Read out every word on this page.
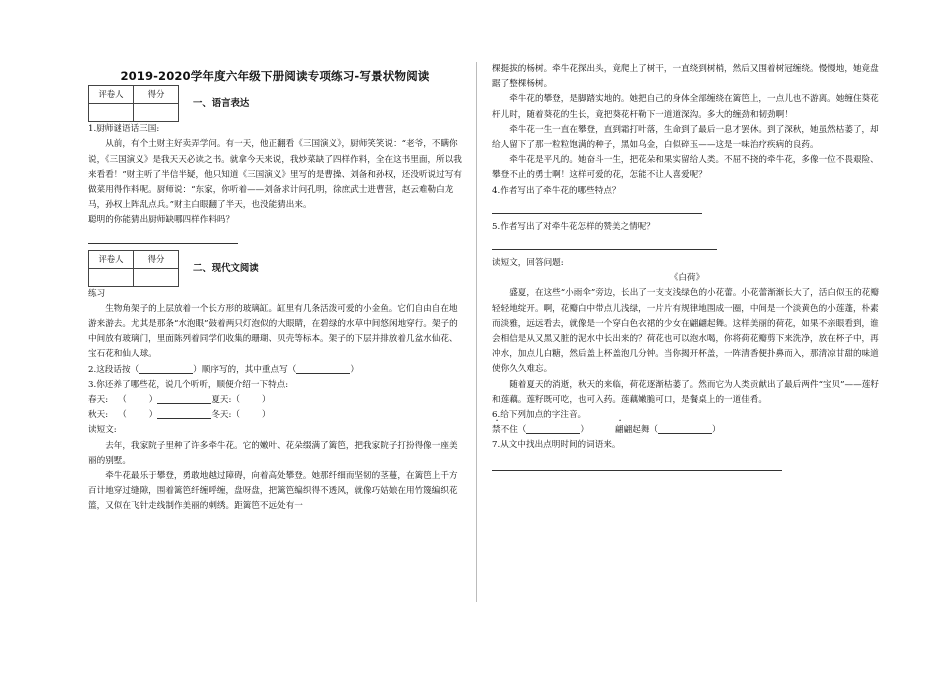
2019-2020学年度六年级下册阅读专项练习-写景状物阅读
评卷人	得分

一、语言表达

1.厨师谜语话三国:

从前，有个土财主好卖弄学问。有一天，他正翻看《三国演义》，厨师笑笑说：“老爷，不瞒你说，《三国演义》是我天天必读之书。就拿今天来说，我炒菜缺了四样作料，全在这书里面，所以我来看看！”财主听了半信半疑，他只知道《三国演义》里写的是曹操、刘备和孙权，还没听说过写有做菜用得作料呢。厨师说：“东家，你听着——刘备求计问孔明，徐庶武士进曹营，赵云难勒白龙马，孙权上阵乱点兵。”财主白眼翻了半天，也没能猜出来。

聪明的你能猜出厨师缺哪四样作料吗？

评卷人	得分

二、现代文阅读

练习

生物角架子的上层放着一个长方形的玻璃缸。缸里有几条活泼可爱的小金鱼。它们自由自在地游来游去。尤其是那条“水泡眼”鼓着两只灯泡似的大眼睛，在碧绿的水草中间悠闲地穿行。架子的中间放有玻璃门，里面陈列着同学们收集的珊瑚、贝壳等标本。架子的下层并排放着几盆水仙花、宝石花和仙人球。

2.这段话按（	）顺序写的，其中重点写（	）

3.你还养了哪些花，说几个听听，顺便介绍一下特点:

春天: （	）	夏天: （	）

秋天: （	）	冬天: （	）

读短文:

去年，我家院子里种了许多牵牛花。它的嫩叶、花朵缀满了篱笆，把我家院子打扮得像一座美丽的别墅。

牵牛花最乐于攀登，勇敢地越过障碍，向着高处攀登。她那纤细而坚韧的茎蔓，在篱笆上千方百计地穿过缝隙，围着篱笆纤缠呼缠，盘呀盘，把篱笆编织得不透风，就像巧姑娘在用竹篾编织花篮，又似在飞针走线制作美丽的刺绣。距篱笆不远处有一

棵挺拔的杨树。牵牛花探出头，竟爬上了树干，一直绕到树梢，然后又围着树冠缠绕。慢慢地，她竟盘踞了整棵杨树。

牵牛花的攀登，是脚踏实地的。她把自己的身体全部缠绕在篱笆上，一点儿也不游离。她缠住葵花杆儿时，随着葵花的生长，竟把葵花杆勒下一道道深沟。多大的缠劲和韧劲啊！

牵牛花一生一直在攀登，直到霜打叶落，生命到了最后一息才罢休。到了深秋，她虽然枯萎了，却给人留下了那一粒粒饱满的种子，黑如乌金，白似碎玉——这是一味治疗疾病的良药。

牵牛花是平凡的。她奋斗一生，把花朵和果实留给人类。不屈不挠的牵牛花，多像一位不畏艰险、攀登不止的勇士啊！这样可爱的花，怎能不让人喜爱呢？

4.作者写出了牵牛花的哪些特点？

5.作者写出了对牵牛花怎样的赞美之情呢？

读短文，回答问题:

《白荷》

盛夏，在这些“小雨伞”旁边，长出了一支支浅绿色的小花蕾。小花蕾渐渐长大了，活白似玉的花瓣轻轻地绽开。啊，花瓣白中带点儿浅绿，一片片有规律地围成一圈，中间是一个淡黄色的小莲蓬，朴素而淡雅，远远看去，就像是一个穿白色衣裙的少女在翩翩起舞。这样美丽的荷花，如果不亲眼看到，谁会相信是从又黑又脏的泥水中长出来的？荷花也可以泡水喝，你将荷花瓣剪下来洗净，放在杯子中，再冲水，加点儿白糖，然后盖上杯盖泡几分钟。当你揭开杯盖，一阵清香便扑鼻而入，那清凉甘甜的味道使你久久难忘。

随着夏天的消逝，秋天的来临，荷花逐渐枯萎了。然而它为人类贡献出了最后两件“宝贝”——莲籽和莲藕。莲籽既可吃，也可入药。莲藕嫩脆可口，是餐桌上的一道佳肴。

6.给下列加点的字注音。

禁 · 不住（	）	翩 · 翩起舞（	）

7.从文中找出点明时间的词语来。
